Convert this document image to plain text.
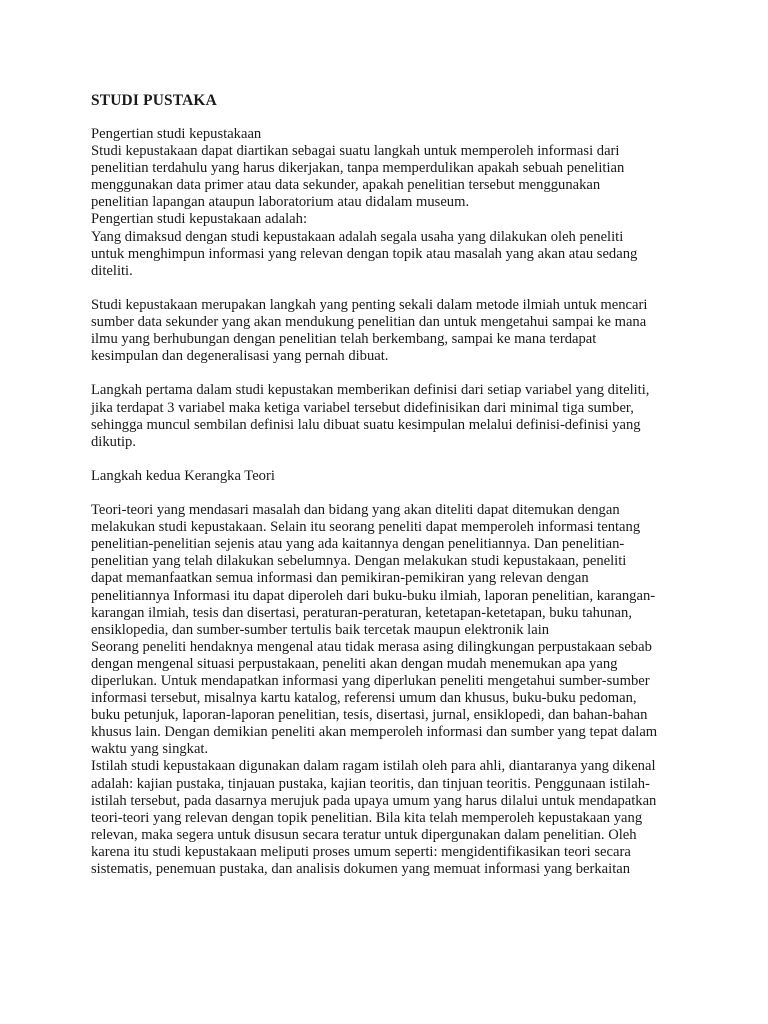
STUDI PUSTAKA
Pengertian studi kepustakaan
Studi kepustakaan dapat diartikan sebagai suatu langkah untuk memperoleh informasi dari
penelitian terdahulu yang harus dikerjakan, tanpa memperdulikan apakah sebuah penelitian
menggunakan data primer atau data sekunder, apakah penelitian tersebut menggunakan
penelitian lapangan ataupun laboratorium atau didalam museum.
Pengertian studi kepustakaan adalah:
Yang dimaksud dengan studi kepustakaan adalah segala usaha yang dilakukan oleh peneliti
untuk menghimpun informasi yang relevan dengan topik atau masalah yang akan atau sedang
diteliti.
Studi kepustakaan merupakan langkah yang penting sekali dalam metode ilmiah untuk mencari
sumber data sekunder yang akan mendukung penelitian dan untuk mengetahui sampai ke mana
ilmu yang berhubungan dengan penelitian telah berkembang, sampai ke mana terdapat
kesimpulan dan degeneralisasi yang pernah dibuat.
Langkah pertama dalam studi kepustakan memberikan definisi dari setiap variabel yang diteliti,
jika terdapat 3 variabel maka ketiga variabel tersebut didefinisikan dari minimal tiga sumber,
sehingga muncul sembilan definisi lalu dibuat suatu kesimpulan melalui definisi-definisi yang
dikutip.
Langkah kedua Kerangka Teori
Teori-teori yang mendasari masalah dan bidang yang akan diteliti dapat ditemukan dengan
melakukan studi kepustakaan. Selain itu seorang peneliti dapat memperoleh informasi tentang
penelitian-penelitian sejenis atau yang ada kaitannya dengan penelitiannya. Dan penelitian-
penelitian yang telah dilakukan sebelumnya. Dengan melakukan studi kepustakaan, peneliti
dapat memanfaatkan semua informasi dan pemikiran-pemikiran yang relevan dengan
penelitiannya Informasi itu dapat diperoleh dari buku-buku ilmiah, laporan penelitian, karangan-
karangan ilmiah, tesis dan disertasi, peraturan-peraturan, ketetapan-ketetapan, buku tahunan,
ensiklopedia, dan sumber-sumber tertulis baik tercetak maupun elektronik lain
Seorang peneliti hendaknya mengenal atau tidak merasa asing dilingkungan perpustakaan sebab
dengan mengenal situasi perpustakaan, peneliti akan dengan mudah menemukan apa yang
diperlukan. Untuk mendapatkan informasi yang diperlukan peneliti mengetahui sumber-sumber
informasi tersebut, misalnya kartu katalog, referensi umum dan khusus, buku-buku pedoman,
buku petunjuk, laporan-laporan penelitian, tesis, disertasi, jurnal, ensiklopedi, dan bahan-bahan
khusus lain. Dengan demikian peneliti akan memperoleh informasi dan sumber yang tepat dalam
waktu yang singkat.
Istilah studi kepustakaan digunakan dalam ragam istilah oleh para ahli, diantaranya yang dikenal
adalah: kajian pustaka, tinjauan pustaka, kajian teoritis, dan tinjuan teoritis. Penggunaan istilah-
istilah tersebut, pada dasarnya merujuk pada upaya umum yang harus dilalui untuk mendapatkan
teori-teori yang relevan dengan topik penelitian. Bila kita telah memperoleh kepustakaan yang
relevan, maka segera untuk disusun secara teratur untuk dipergunakan dalam penelitian. Oleh
karena itu studi kepustakaan meliputi proses umum seperti: mengidentifikasikan teori secara
sistematis, penemuan pustaka, dan analisis dokumen yang memuat informasi yang berkaitan
